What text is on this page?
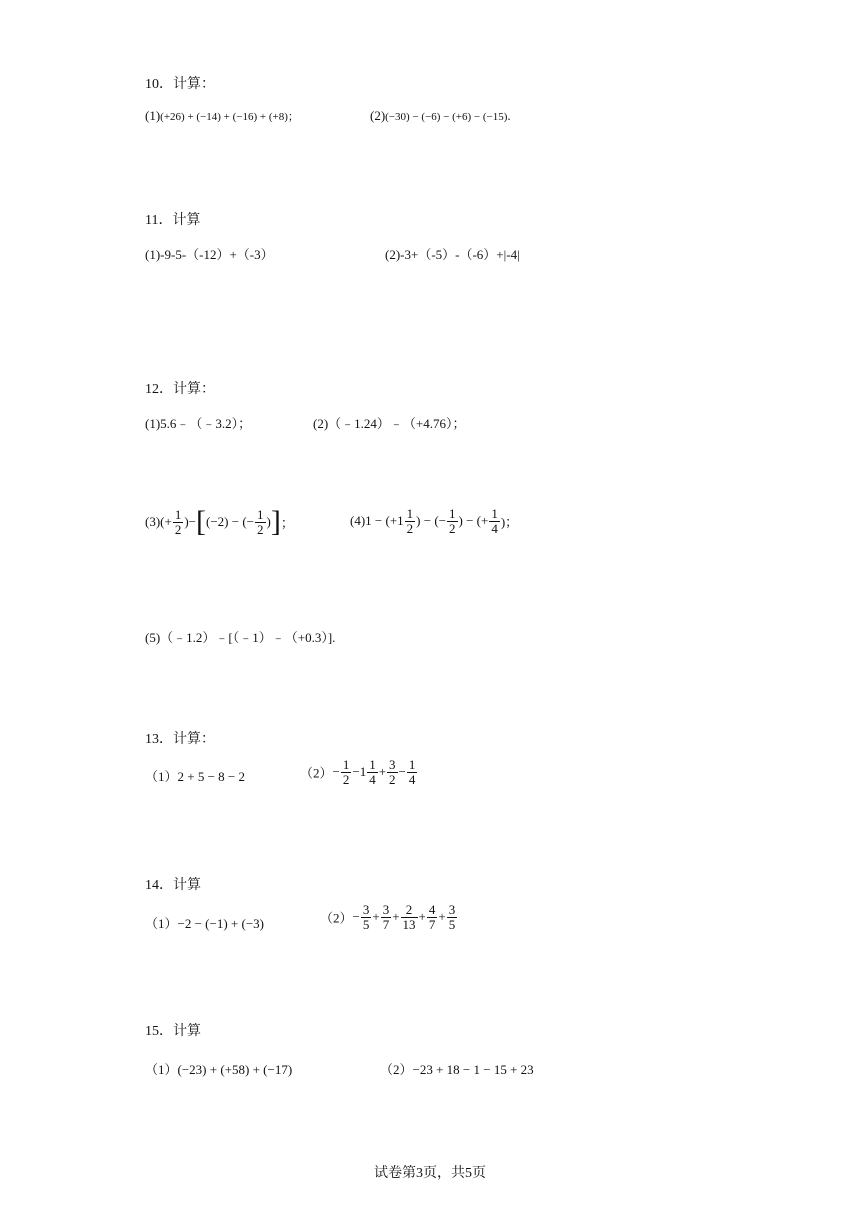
10．计算：
(1)(+26) + (−14) + (−16) + (+8)；	(2)(−30) − (−6) − (+6) − (−15).
11．计算
(1)-9-5-（-12）+（-3）	(2)-3+（-5）-（-6）+|-4|
12．计算：
(1)5.6﹣（﹣3.2）；	(2)（﹣1.24）﹣（+4.76）；
$(3)(+ \frac{1}{2} )-[(-2)$ − (− $\frac{1}{2}$ )]；	$(4)1 - (+1 \frac{1}{2}$ ) − (− $\frac{1}{2}$ ) − (+ $\frac{1}{4}$ )；
(5)（﹣1.2）﹣[（﹣1）﹣（+0.3）].
13．计算：
（1）2 + 5 − 8 − 2	$(2)- \frac{1}{2} -1 \frac{1}{4} + \frac{3}{2} - \frac{1}{4}$
14．计算
（1）−2 − (−1) + (−3)	$(2)- \frac{3}{5} + \frac{3}{7} + \frac{2}{13} + \frac{4}{7} + \frac{3}{5}$
15．计算
（1）(−23) + (+58) + (−17)	（2）−23 + 18 − 1 − 15 + 23
试卷第3页，共5页
